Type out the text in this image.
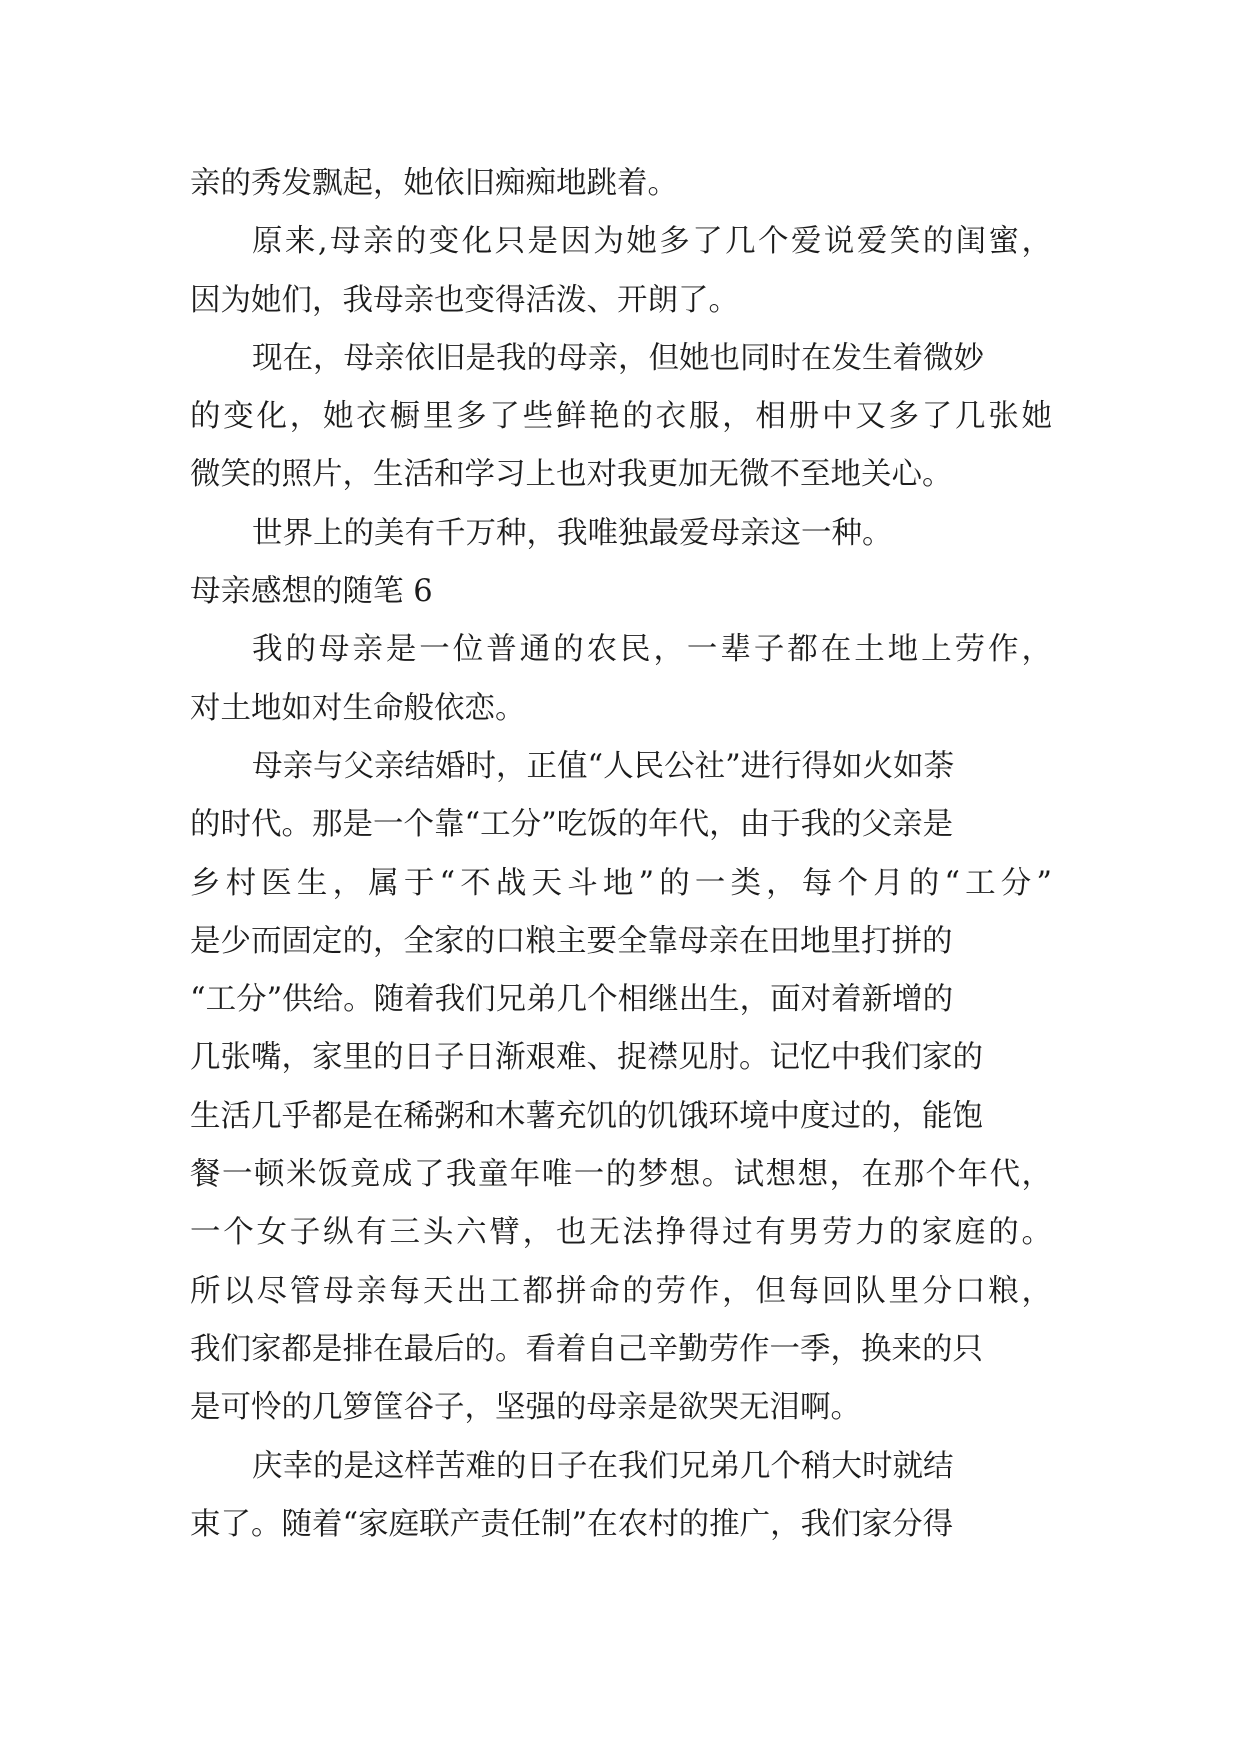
亲的秀发飘起，她依旧痴痴地跳着。
原来,母亲的变化只是因为她多了几个爱说爱笑的闺蜜，
因为她们，我母亲也变得活泼、开朗了。
现在，母亲依旧是我的母亲，但她也同时在发生着微妙
的变化，她衣橱里多了些鲜艳的衣服，相册中又多了几张她
微笑的照片，生活和学习上也对我更加无微不至地关心。
世界上的美有千万种，我唯独最爱母亲这一种。
母亲感想的随笔 6
我的母亲是一位普通的农民，一辈子都在土地上劳作，
对土地如对生命般依恋。
母亲与父亲结婚时，正值“人民公社”进行得如火如荼
的时代。那是一个靠“工分”吃饭的年代，由于我的父亲是
乡村医生，属于“不战天斗地”的一类，每个月的“工分”
是少而固定的，全家的口粮主要全靠母亲在田地里打拼的
“工分”供给。随着我们兄弟几个相继出生，面对着新增的
几张嘴，家里的日子日渐艰难、捉襟见肘。记忆中我们家的
生活几乎都是在稀粥和木薯充饥的饥饿环境中度过的，能饱
餐一顿米饭竟成了我童年唯一的梦想。试想想，在那个年代，
一个女子纵有三头六臂，也无法挣得过有男劳力的家庭的。
所以尽管母亲每天出工都拼命的劳作，但每回队里分口粮，
我们家都是排在最后的。看着自己辛勤劳作一季，换来的只
是可怜的几箩筐谷子，坚强的母亲是欲哭无泪啊。
庆幸的是这样苦难的日子在我们兄弟几个稍大时就结
束了。随着“家庭联产责任制”在农村的推广，我们家分得
